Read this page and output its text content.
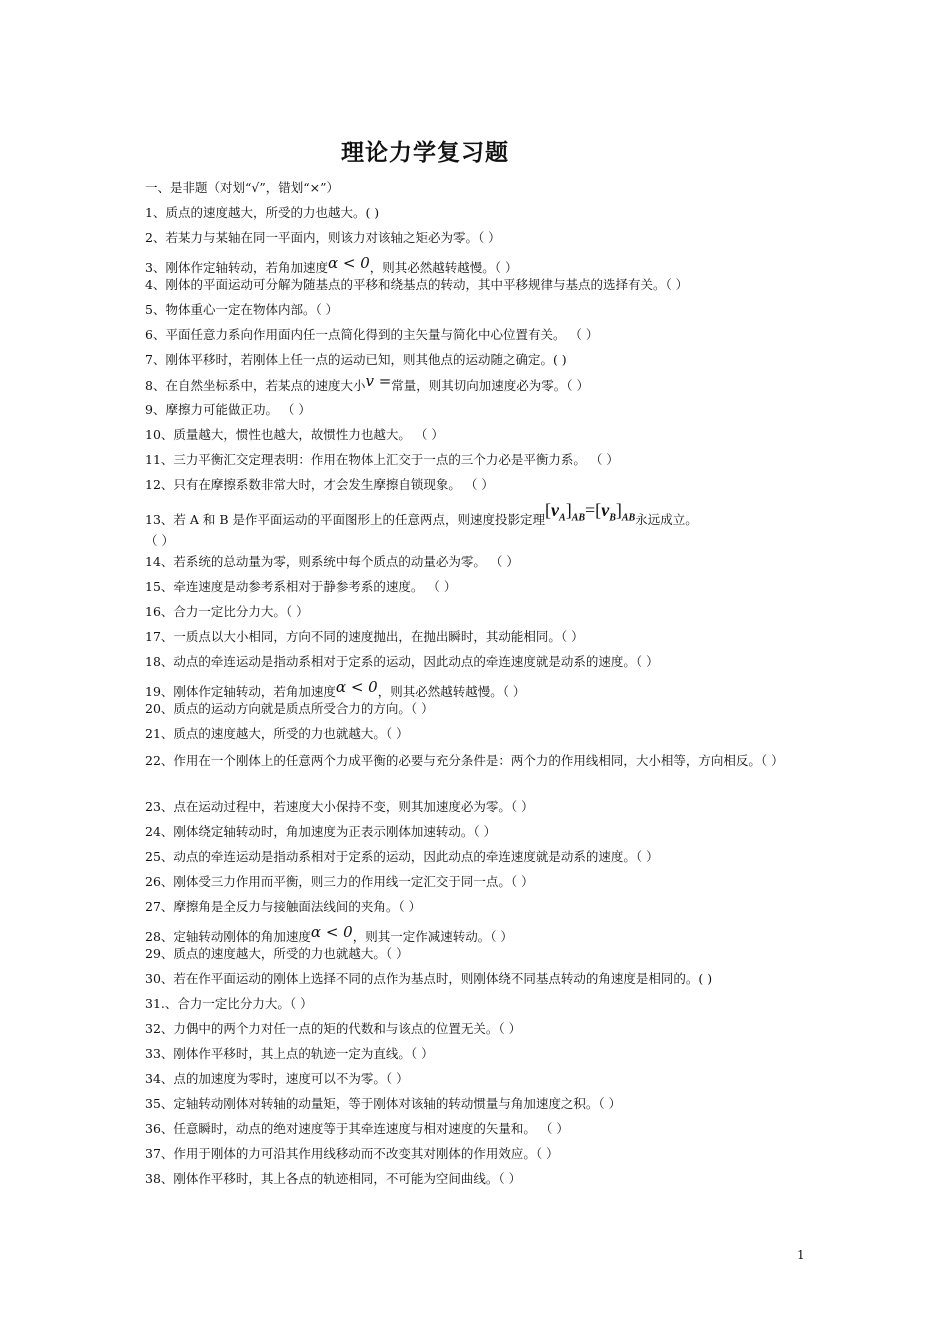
理论力学复习题
一、是非题（对划“√”，错划“×”）
1、质点的速度越大，所受的力也越大。( )
2、若某力与某轴在同一平面内，则该力对该轴之矩必为零。（ ）
3、刚体作定轴转动，若角加速度α < 0，则其必然越转越慢。（ ）
4、刚体的平面运动可分解为随基点的平移和绕基点的转动，其中平移规律与基点的选择有关。（ ）
5、物体重心一定在物体内部。（ ）
6、平面任意力系向作用面内任一点简化得到的主矢量与简化中心位置有关。 （ ）
7、刚体平移时，若刚体上任一点的运动已知，则其他点的运动随之确定。( )
8、在自然坐标系中，若某点的速度大小v =常量，则其切向加速度必为零。（ ）
9、摩擦力可能做正功。 （ ）
10、质量越大，惯性也越大，故惯性力也越大。 （ ）
11、三力平衡汇交定理表明：作用在物体上汇交于一点的三个力必是平衡力系。 （ ）
12、只有在摩擦系数非常大时，才会发生摩擦自锁现象。 （ ）
13、若 A 和 B 是作平面运动的平面图形上的任意两点，则速度投影定理$[v_A]_{AB}=[v_B]_{AB}$永远成立。
（ ）
14、若系统的总动量为零，则系统中每个质点的动量必为零。 （ ）
15、牵连速度是动参考系相对于静参考系的速度。 （ ）
16、合力一定比分力大。（ ）
17、一质点以大小相同，方向不同的速度抛出，在抛出瞬时，其动能相同。（ ）
18、动点的牵连运动是指动系相对于定系的运动，因此动点的牵连速度就是动系的速度。（ ）
19、刚体作定轴转动，若角加速度α < 0，则其必然越转越慢。（ ）
20、质点的运动方向就是质点所受合力的方向。（ ）
21、质点的速度越大，所受的力也就越大。（ ）
22、作用在一个刚体上的任意两个力成平衡的必要与充分条件是：两个力的作用线相同，大小相等，方向相反。（ ）
23、点在运动过程中，若速度大小保持不变，则其加速度必为零。（ ）
24、刚体绕定轴转动时，角加速度为正表示刚体加速转动。（ ）
25、动点的牵连运动是指动系相对于定系的运动，因此动点的牵连速度就是动系的速度。（ ）
26、刚体受三力作用而平衡，则三力的作用线一定汇交于同一点。（ ）
27、摩擦角是全反力与接触面法线间的夹角。（ ）
28、定轴转动刚体的角加速度α < 0，则其一定作减速转动。（ ）
29、质点的速度越大，所受的力也就越大。（ ）
30、若在作平面运动的刚体上选择不同的点作为基点时，则刚体绕不同基点转动的角速度是相同的。( )
31.、合力一定比分力大。（ ）
32、力偶中的两个力对任一点的矩的代数和与该点的位置无关。（ ）
33、刚体作平移时，其上点的轨迹一定为直线。（ ）
34、点的加速度为零时，速度可以不为零。（ ）
35、定轴转动刚体对转轴的动量矩，等于刚体对该轴的转动惯量与角加速度之积。（ ）
36、任意瞬时，动点的绝对速度等于其牵连速度与相对速度的矢量和。 （ ）
37、作用于刚体的力可沿其作用线移动而不改变其对刚体的作用效应。（ ）
38、刚体作平移时，其上各点的轨迹相同，不可能为空间曲线。（ ）
1
